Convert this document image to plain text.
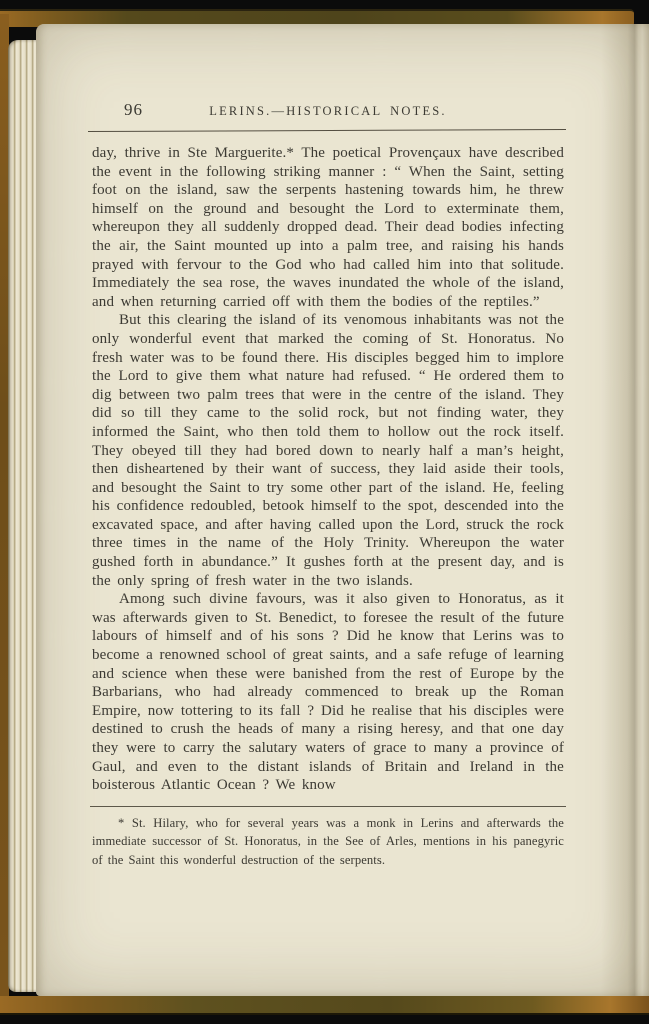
96	LERINS.—HISTORICAL NOTES.

day, thrive in Ste Marguerite.* The poetical Provençaux have described the event in the following striking manner : “ When the Saint, setting foot on the island, saw the serpents hastening towards him, he threw himself on the ground and besought the Lord to exterminate them, whereupon they all suddenly dropped dead. Their dead bodies infecting the air, the Saint mounted up into a palm tree, and raising his hands prayed with fervour to the God who had called him into that solitude. Immediately the sea rose, the waves inundated the whole of the island, and when returning carried off with them the bodies of the reptiles.”

But this clearing the island of its venomous inhabitants was not the only wonderful event that marked the coming of St. Honoratus. No fresh water was to be found there. His disciples begged him to implore the Lord to give them what nature had refused. “ He ordered them to dig between two palm trees that were in the centre of the island. They did so till they came to the solid rock, but not finding water, they informed the Saint, who then told them to hollow out the rock itself. They obeyed till they had bored down to nearly half a man’s height, then disheartened by their want of success, they laid aside their tools, and besought the Saint to try some other part of the island. He, feeling his confidence redoubled, betook himself to the spot, descended into the excavated space, and after having called upon the Lord, struck the rock three times in the name of the Holy Trinity. Whereupon the water gushed forth in abundance.” It gushes forth at the present day, and is the only spring of fresh water in the two islands.

Among such divine favours, was it also given to Honoratus, as it was afterwards given to St. Benedict, to foresee the result of the future labours of himself and of his sons ? Did he know that Lerins was to become a renowned school of great saints, and a safe refuge of learning and science when these were banished from the rest of Europe by the Barbarians, who had already commenced to break up the Roman Empire, now tottering to its fall ? Did he realise that his disciples were destined to crush the heads of many a rising heresy, and that one day they were to carry the salutary waters of grace to many a province of Gaul, and even to the distant islands of Britain and Ireland in the boisterous Atlantic Ocean ? We know

* St. Hilary, who for several years was a monk in Lerins and afterwards the immediate successor of St. Honoratus, in the See of Arles, mentions in his panegyric of the Saint this wonderful destruction of the serpents.
